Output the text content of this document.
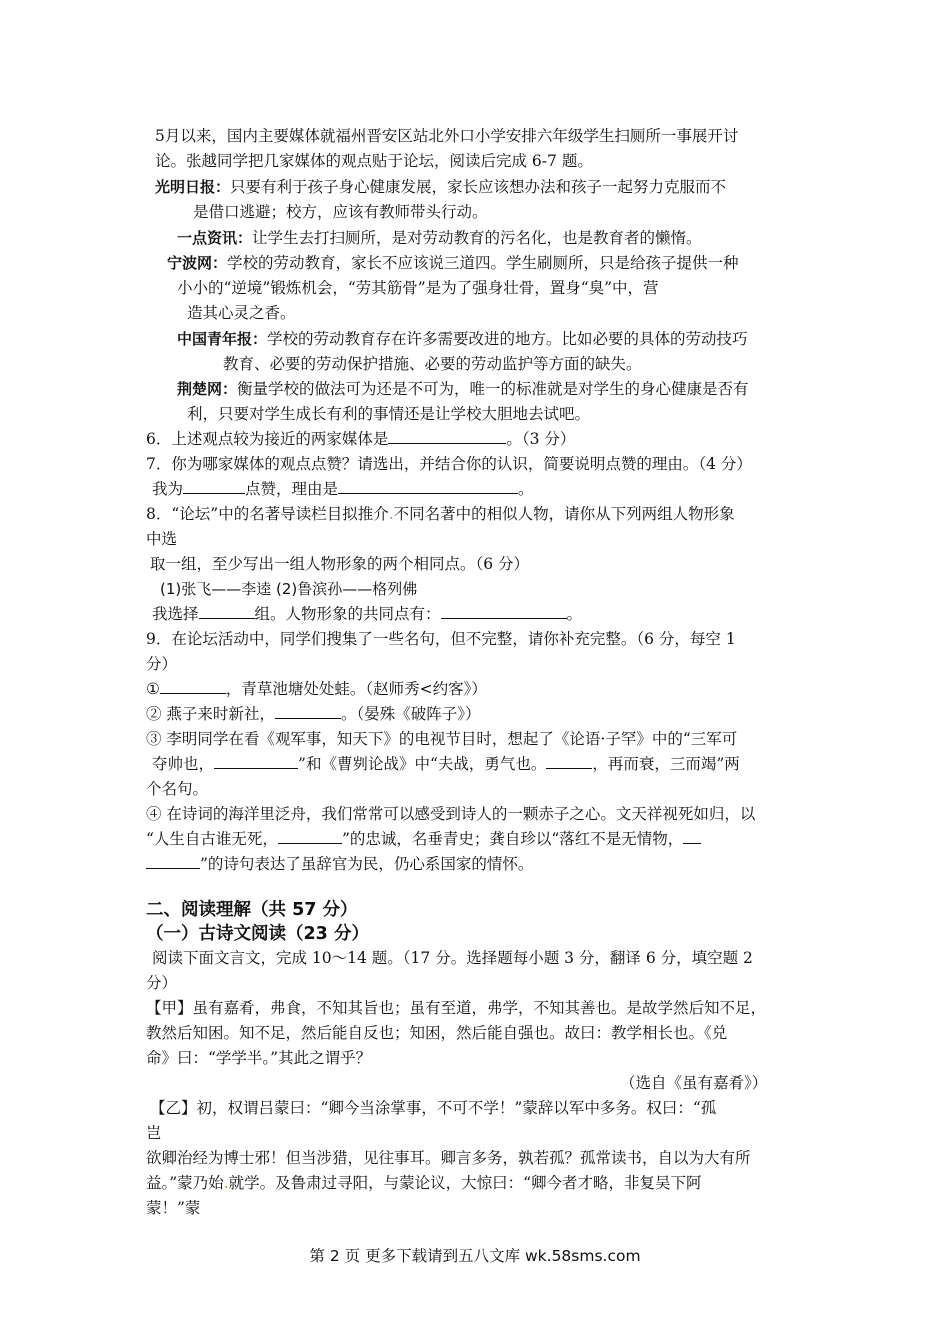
5月以来，国内主要媒体就福州晋安区站北外口小学安排六年级学生扫厕所一事展开讨
论。张越同学把几家媒体的观点贴于论坛，阅读后完成 6-7 题。
光明日报：只要有利于孩子身心健康发展，家长应该想办法和孩子一起努力克服而不
是借口逃避；校方，应该有教师带头行动。
一点资讯：让学生去打扫厕所，是对劳动教育的污名化，也是教育者的懒惰。
宁波网：学校的劳动教育，家长不应该说三道四。学生刷厕所，只是给孩子提供一种
小小的“逆境”锻炼机会，“劳其筋骨”是为了强身壮骨，置身“臭”中，营
造其心灵之香。
中国青年报：学校的劳动教育存在许多需要改进的地方。比如必要的具体的劳动技巧
教育、必要的劳动保护措施、必要的劳动监护等方面的缺失。
荆楚网：衡量学校的做法可为还是不可为，唯一的标准就是对学生的身心健康是否有
利，只要对学生成长有利的事情还是让学校大胆地去试吧。
6．上述观点较为接近的两家媒体是	。（3 分）
7．你为哪家媒体的观点点赞？请选出，并结合你的认识，简要说明点赞的理由。（4 分）
我为	点赞，理由是	。
8．“论坛”中的名著导读栏目拟推介.不同名著中的相似人物，请你从下列两组人物形象
中选
取一组，至少写出一组人物形象的两个相同点。（6 分）
(1)张飞——李逵 (2)鲁滨孙——格列佛
我选择	组。人物形象的共同点有：	。
9．在论坛活动中，同学们搜集了一些名句，但不完整，请你补充完整。（6 分，每空 1
分）
①	，青草池塘处处蛙。（赵师秀<约客》）
② 燕子来时新社，	。（晏殊《破阵子》）
③ 李明同学在看《观军事，知天下》的电视节目时，想起了《论语·子罕》中的“三军可
夺帅也，	”和《曹刿论战》中“夫战，勇气也。	，再而衰，三而竭”两
个名句。
④ 在诗词的海洋里泛舟，我们常常可以感受到诗人的一颗赤子之心。文天祥视死如归，以
“人生自古谁无死，	”的忠诚，名垂青史；龚自珍以“落红不是无情物，
”的诗句表达了虽辞官为民，仍心系国家的情怀。
二、阅读理解（共 57 分）
（一）古诗文阅读（23 分）
阅读下面文言文，完成 10～14 题。（17 分。选择题每小题 3 分，翻译 6 分，填空题 2
分）
【甲】虽有嘉肴，弗食，不知其旨也；虽有至道，弗学，不知其善也。是故学然后知不足，
教然后知困。知不足，然后能自反也；知困，然后能自强也。故曰：教学相长也。《兑
命》曰：“学学半。”其此之谓乎？
（选自《虽有嘉肴》）
【乙】初，权谓吕蒙曰：“卿今当涂掌事，不可不学！”蒙辞以军中多务。权曰：“孤
岂
欲卿治经为博士邪！但当涉猎，见往事耳。卿言多务，孰若孤？孤常读书，自以为大有所
益。”蒙乃始.就学。及鲁肃过寻阳，与蒙论议，大惊曰：“卿今者才略，非复吴下阿
蒙！”蒙
第 2 页 更多下载请到五八文库 wk.58sms.com
